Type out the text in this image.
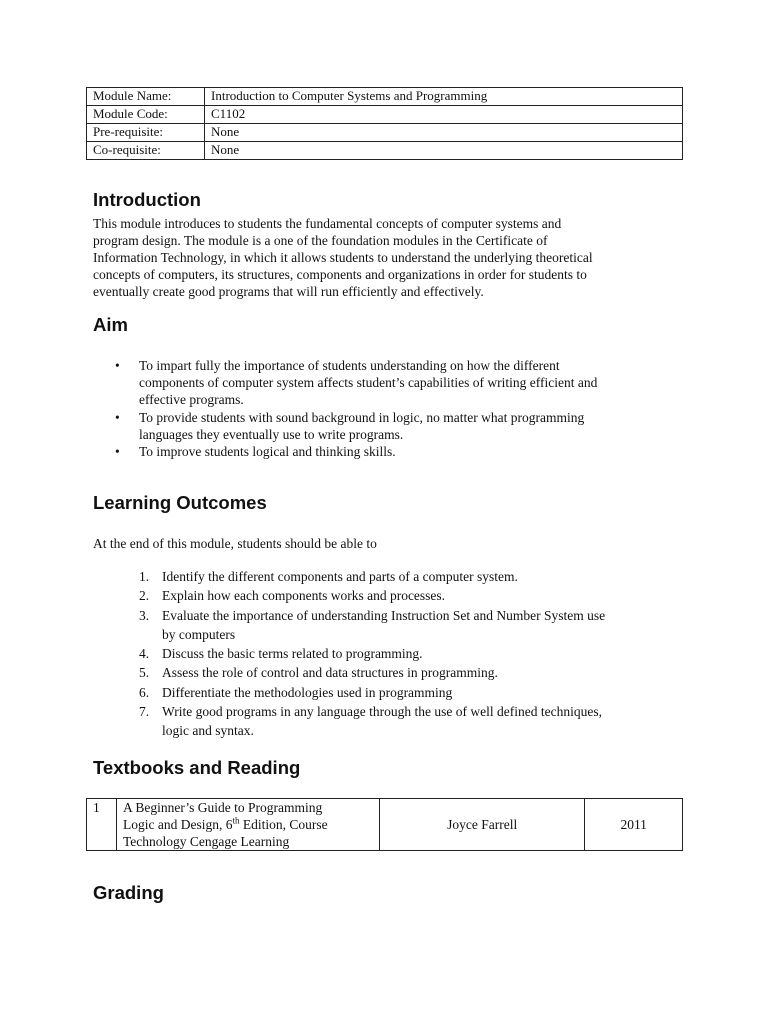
Module Name:	Introduction to Computer Systems and Programming
Module Code:	C1102
Pre-requisite:	None
Co-requisite:	None
Introduction
This module introduces to students the fundamental concepts of computer systems and
program design. The module is a one of the foundation modules in the Certificate of
Information Technology, in which it allows students to understand the underlying theoretical
concepts of computers, its structures, components and organizations in order for students to
eventually create good programs that will run efficiently and effectively.
Aim
• To impart fully the importance of students understanding on how the different
components of computer system affects student’s capabilities of writing efficient and
effective programs.
• To provide students with sound background in logic, no matter what programming
languages they eventually use to write programs.
• To improve students logical and thinking skills.
Learning Outcomes
At the end of this module, students should be able to
1. Identify the different components and parts of a computer system.
2. Explain how each components works and processes.
3. Evaluate the importance of understanding Instruction Set and Number System use
by computers
4. Discuss the basic terms related to programming.
5. Assess the role of control and data structures in programming.
6. Differentiate the methodologies used in programming
7. Write good programs in any language through the use of well defined techniques,
logic and syntax.
Textbooks and Reading
1	A Beginner’s Guide to Programming
Logic and Design, 6th Edition, Course
Technology Cengage Learning	Joyce Farrell	2011
Grading
